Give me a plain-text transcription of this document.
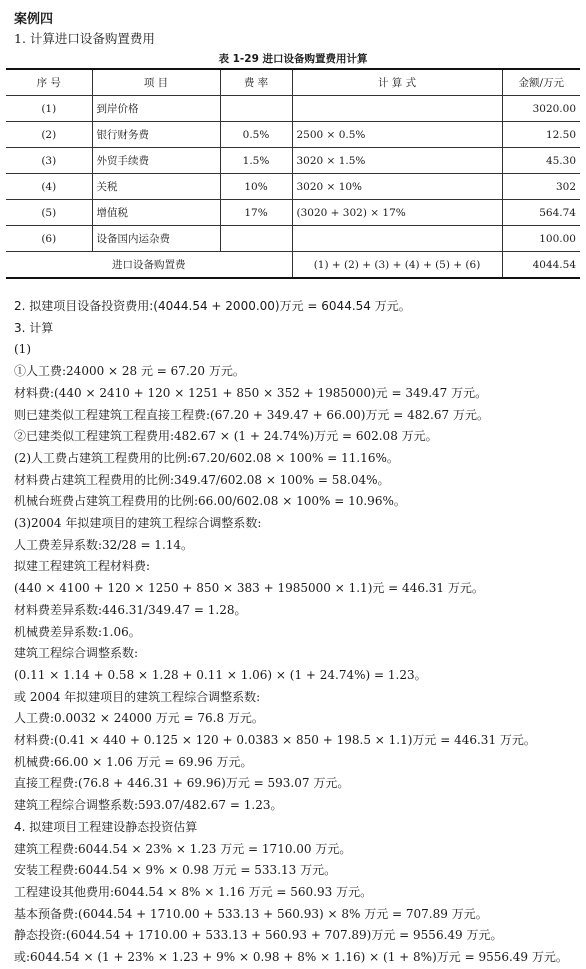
案例四
1. 计算进口设备购置费用
表 1-29 进口设备购置费用计算
序 号	项 目	费 率	计 算 式	金额/万元
(1)	到岸价格			3020.00
(2)	银行财务费	0.5%	2500 × 0.5%	12.50
(3)	外贸手续费	1.5%	3020 × 1.5%	45.30
(4)	关税	10%	3020 × 10%	302
(5)	增值税	17%	(3020 + 302) × 17%	564.74
(6)	设备国内运杂费			100.00
进口设备购置费			(1) + (2) + (3) + (4) + (5) + (6)	4044.54
2. 拟建项目设备投资费用:(4044.54 + 2000.00)万元 = 6044.54 万元。
3. 计算
(1)
①人工费:24000 × 28 元 = 67.20 万元。
材料费:(440 × 2410 + 120 × 1251 + 850 × 352 + 1985000)元 = 349.47 万元。
则已建类似工程建筑工程直接工程费:(67.20 + 349.47 + 66.00)万元 = 482.67 万元。
②已建类似工程建筑工程费用:482.67 × (1 + 24.74%)万元 = 602.08 万元。
(2)人工费占建筑工程费用的比例:67.20/602.08 × 100% = 11.16%。
材料费占建筑工程费用的比例:349.47/602.08 × 100% = 58.04%。
机械台班费占建筑工程费用的比例:66.00/602.08 × 100% = 10.96%。
(3)2004 年拟建项目的建筑工程综合调整系数:
人工费差异系数:32/28 = 1.14。
拟建工程建筑工程材料费:
(440 × 4100 + 120 × 1250 + 850 × 383 + 1985000 × 1.1)元 = 446.31 万元。
材料费差异系数:446.31/349.47 = 1.28。
机械费差异系数:1.06。
建筑工程综合调整系数:
(0.11 × 1.14 + 0.58 × 1.28 + 0.11 × 1.06) × (1 + 24.74%) = 1.23。
或 2004 年拟建项目的建筑工程综合调整系数:
人工费:0.0032 × 24000 万元 = 76.8 万元。
材料费:(0.41 × 440 + 0.125 × 120 + 0.0383 × 850 + 198.5 × 1.1)万元 = 446.31 万元。
机械费:66.00 × 1.06 万元 = 69.96 万元。
直接工程费:(76.8 + 446.31 + 69.96)万元 = 593.07 万元。
建筑工程综合调整系数:593.07/482.67 = 1.23。
4. 拟建项目工程建设静态投资估算
建筑工程费:6044.54 × 23% × 1.23 万元 = 1710.00 万元。
安装工程费:6044.54 × 9% × 0.98 万元 = 533.13 万元。
工程建设其他费用:6044.54 × 8% × 1.16 万元 = 560.93 万元。
基本预备费:(6044.54 + 1710.00 + 533.13 + 560.93) × 8% 万元 = 707.89 万元。
静态投资:(6044.54 + 1710.00 + 533.13 + 560.93 + 707.89)万元 = 9556.49 万元。
或:6044.54 × (1 + 23% × 1.23 + 9% × 0.98 + 8% × 1.16) × (1 + 8%)万元 = 9556.49 万元。
